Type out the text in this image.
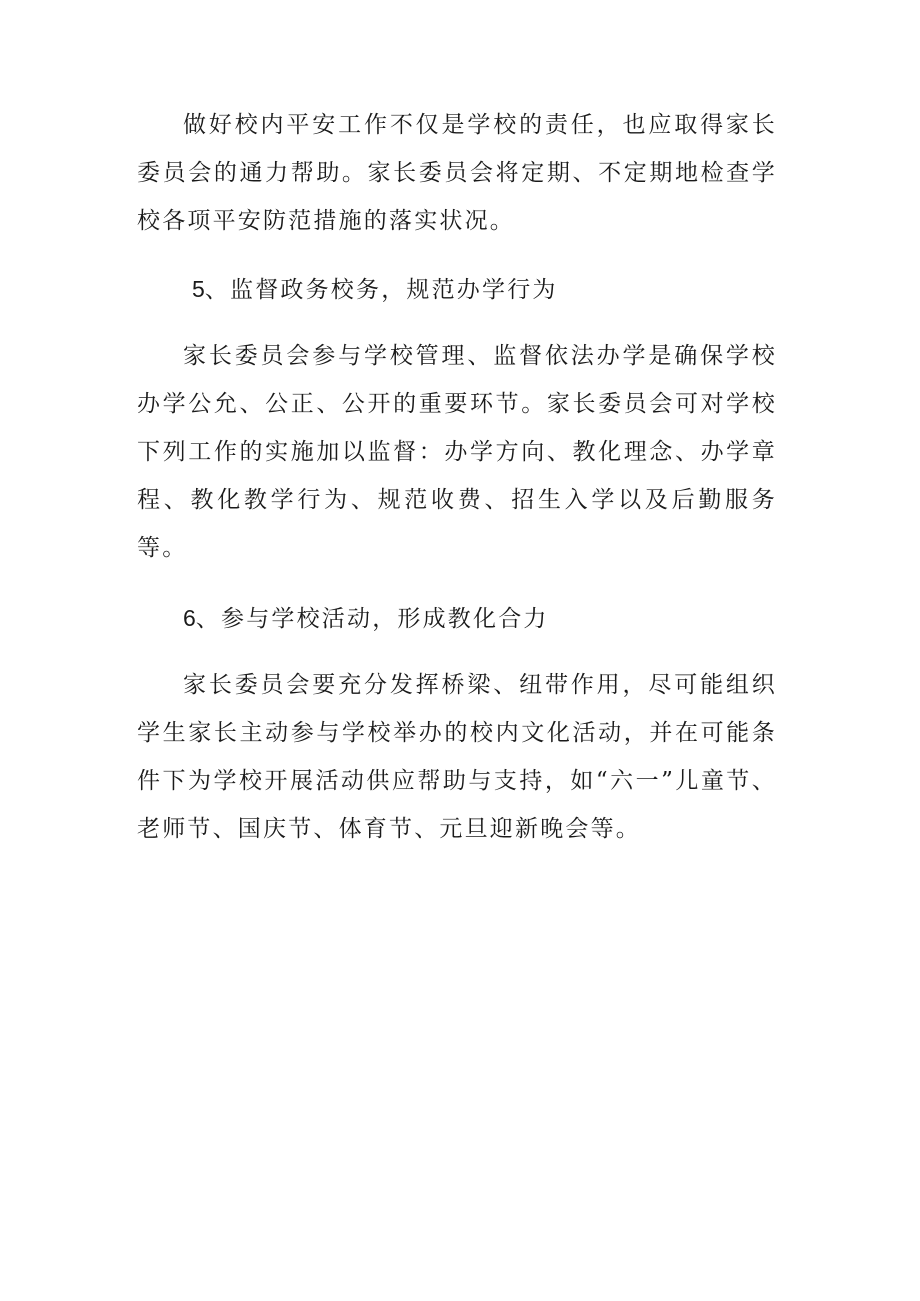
做好校内平安工作不仅是学校的责任，也应取得家长委员会的通力帮助。家长委员会将定期、不定期地检查学校各项平安防范措施的落实状况。

5、监督政务校务，规范办学行为

家长委员会参与学校管理、监督依法办学是确保学校办学公允、公正、公开的重要环节。家长委员会可对学校下列工作的实施加以监督：办学方向、教化理念、办学章程、教化教学行为、规范收费、招生入学以及后勤服务等。

6、参与学校活动，形成教化合力

家长委员会要充分发挥桥梁、纽带作用，尽可能组织学生家长主动参与学校举办的校内文化活动，并在可能条件下为学校开展活动供应帮助与支持，如“六一”儿童节、老师节、国庆节、体育节、元旦迎新晚会等。
